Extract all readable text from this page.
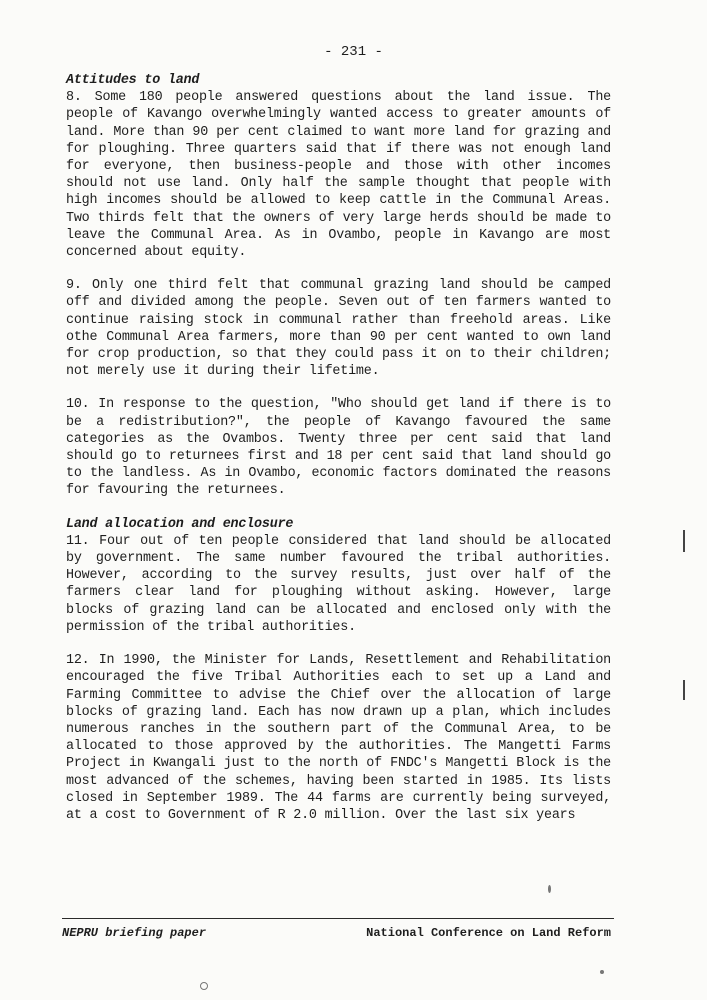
- 231 -

Attitudes to land

8. Some 180 people answered questions about the land issue. The people of Kavango overwhelmingly wanted access to greater amounts of land. More than 90 per cent claimed to want more land for grazing and for ploughing. Three quarters said that if there was not enough land for everyone, then business-people and those with other incomes should not use land. Only half the sample thought that people with high incomes should be allowed to keep cattle in the Communal Areas. Two thirds felt that the owners of very large herds should be made to leave the Communal Area. As in Ovambo, people in Kavango are most concerned about equity.

9. Only one third felt that communal grazing land should be camped off and divided among the people. Seven out of ten farmers wanted to continue raising stock in communal rather than freehold areas. Like othe Communal Area farmers, more than 90 per cent wanted to own land for crop production, so that they could pass it on to their children; not merely use it during their lifetime.

10. In response to the question, "Who should get land if there is to be a redistribution?", the people of Kavango favoured the same categories as the Ovambos. Twenty three per cent said that land should go to returnees first and 18 per cent said that land should go to the landless. As in Ovambo, economic factors dominated the reasons for favouring the returnees.

Land allocation and enclosure

11. Four out of ten people considered that land should be allocated by government. The same number favoured the tribal authorities. However, according to the survey results, just over half of the farmers clear land for ploughing without asking. However, large blocks of grazing land can be allocated and enclosed only with the permission of the tribal authorities.

12. In 1990, the Minister for Lands, Resettlement and Rehabilitation encouraged the five Tribal Authorities each to set up a Land and Farming Committee to advise the Chief over the allocation of large blocks of grazing land. Each has now drawn up a plan, which includes numerous ranches in the southern part of the Communal Area, to be allocated to those approved by the authorities. The Mangetti Farms Project in Kwangali just to the north of FNDC's Mangetti Block is the most advanced of the schemes, having been started in 1985. Its lists closed in September 1989. The 44 farms are currently being surveyed, at a cost to Government of R 2.0 million. Over the last six years

NEPRU briefing paper	National Conference on Land Reform
